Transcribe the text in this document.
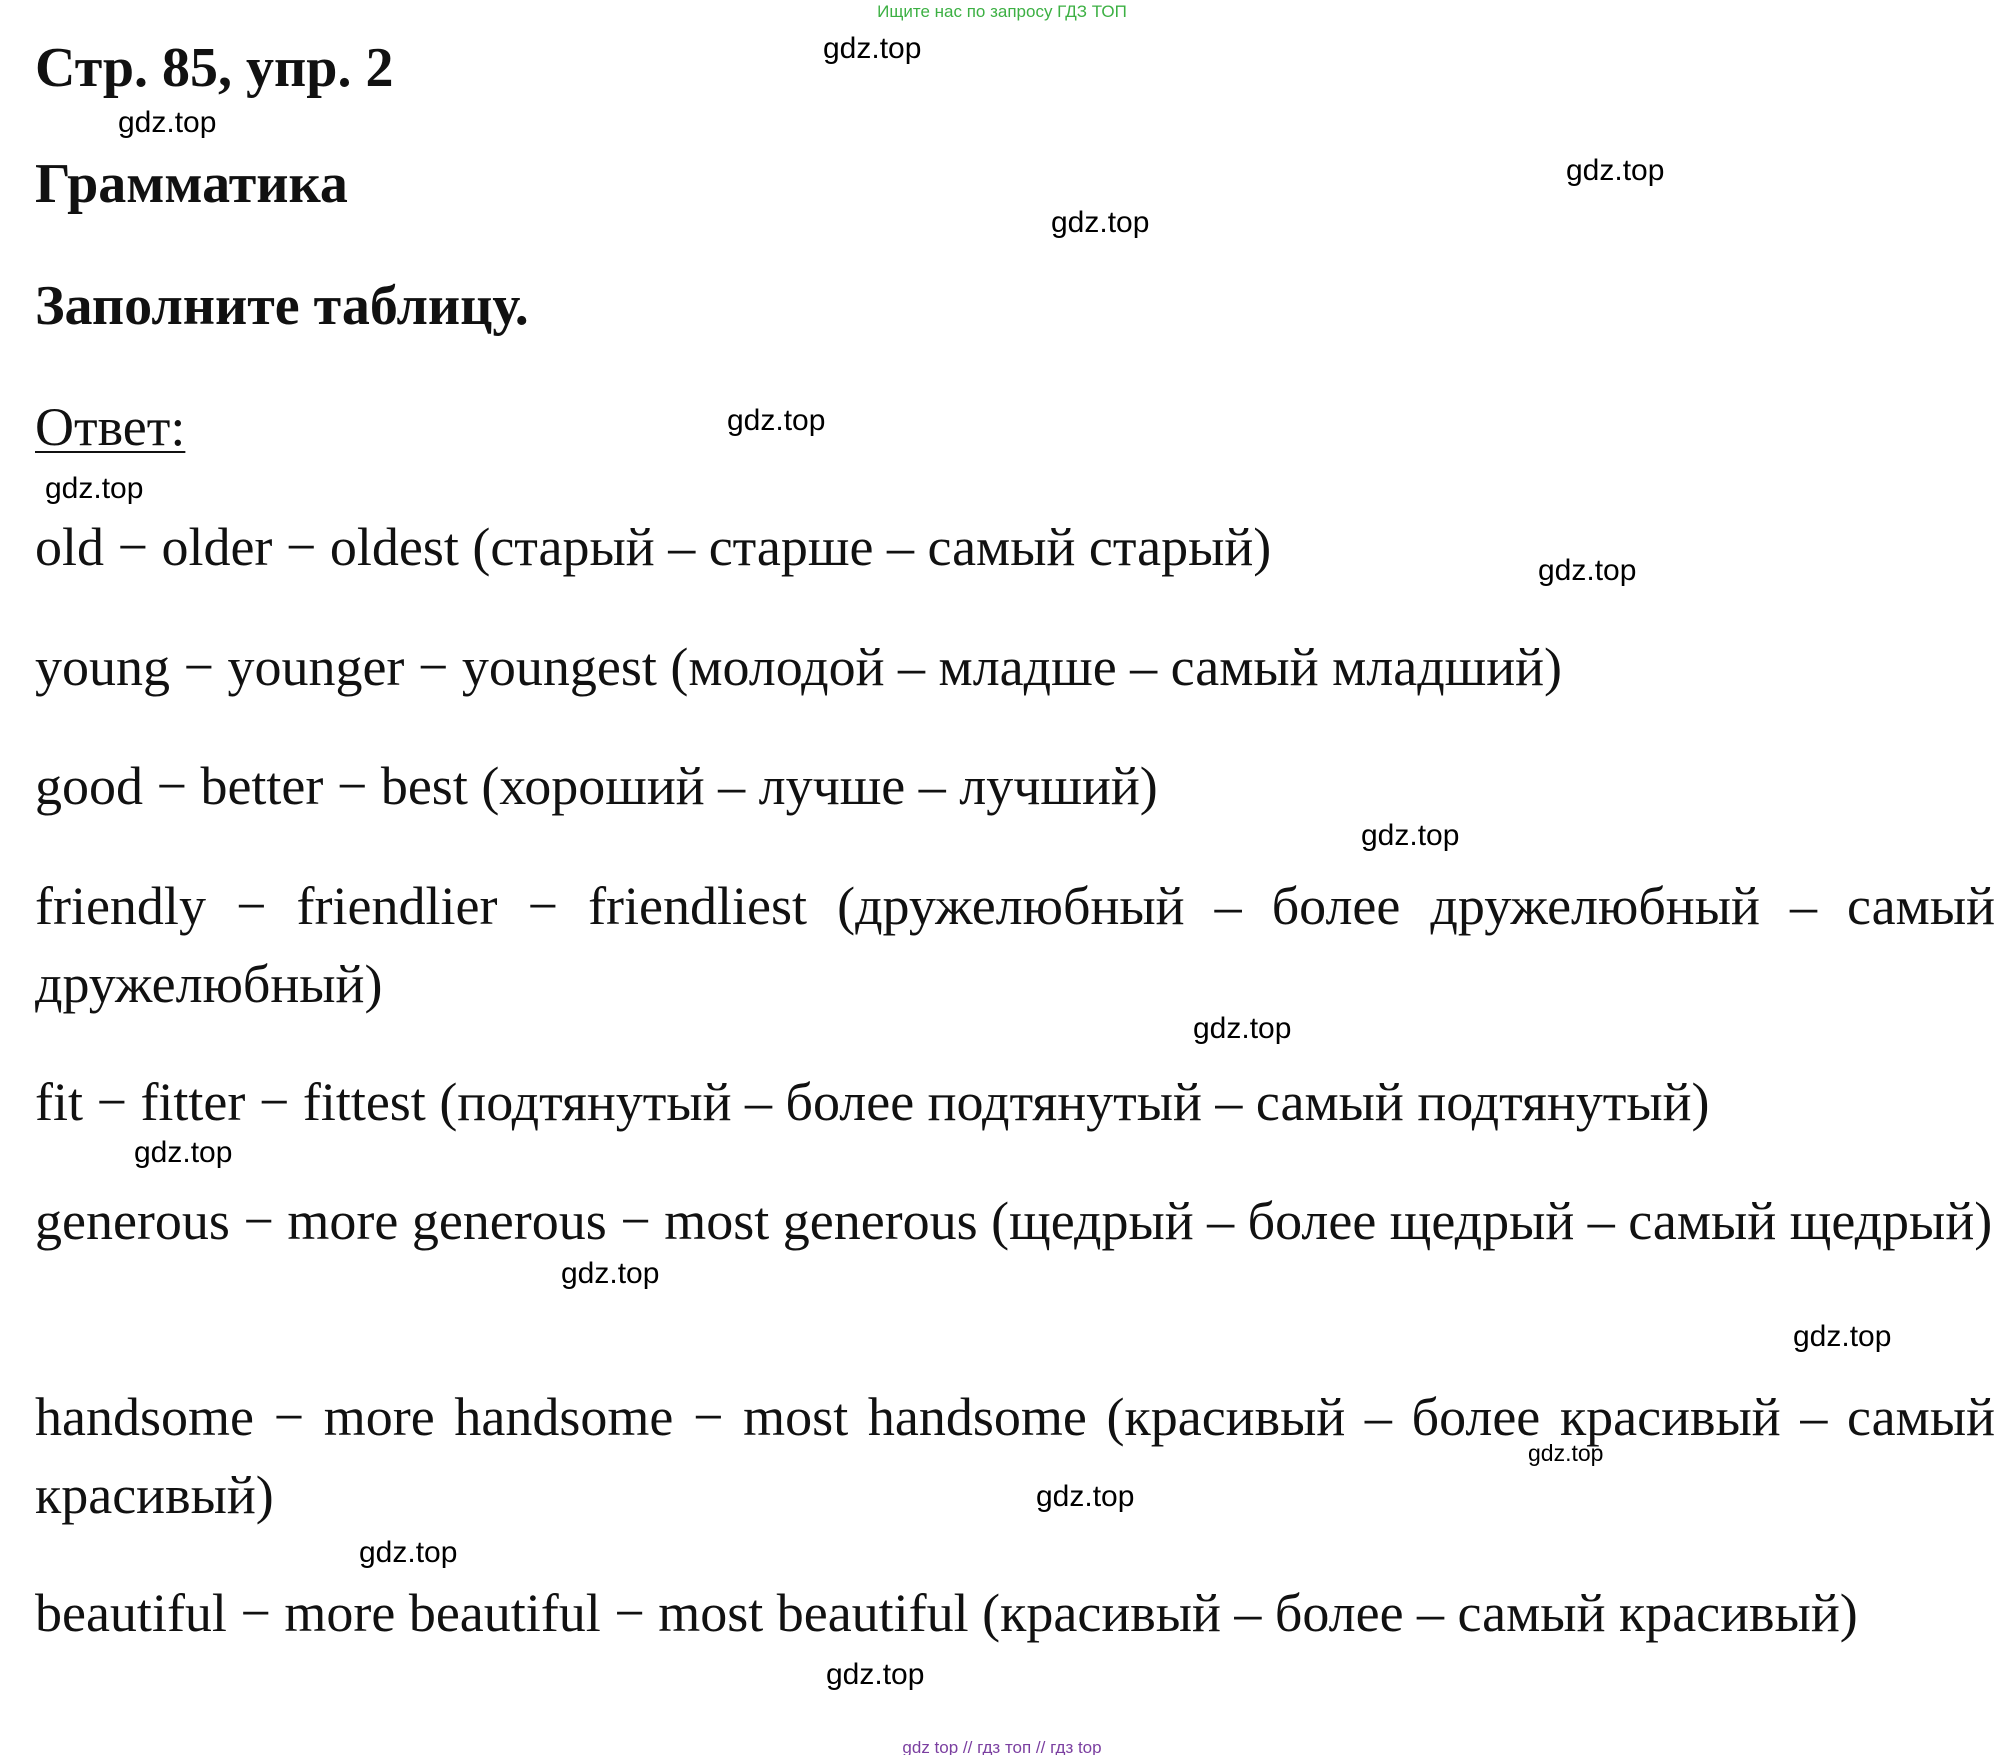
Ищите нас по запросу ГДЗ ТОП
Стр. 85, упр. 2
Грамматика
Заполните таблицу.
Ответ:
old − older − oldest (старый – старше – самый старый)
young − younger − youngest (молодой – младше – самый младший)
good − better − best (хороший – лучше – лучший)
friendly − friendlier − friendliest (дружелюбный – более дружелюбный – самый дружелюбный)
fit − fitter − fittest (подтянутый – более подтянутый – самый подтянутый)
generous − more generous − most generous (щедрый – более щедрый – самый щедрый)
handsome − more handsome − most handsome (красивый – более красивый – самый красивый)
beautiful − more beautiful − most beautiful (красивый – более – самый красивый)
gdz.top
gdz.top
gdz.top
gdz.top
gdz.top
gdz.top
gdz.top
gdz.top
gdz.top
gdz.top
gdz.top
gdz.top
gdz.top
gdz.top
gdz.top
gdz.top
gdz top // гдз топ // гдз top
